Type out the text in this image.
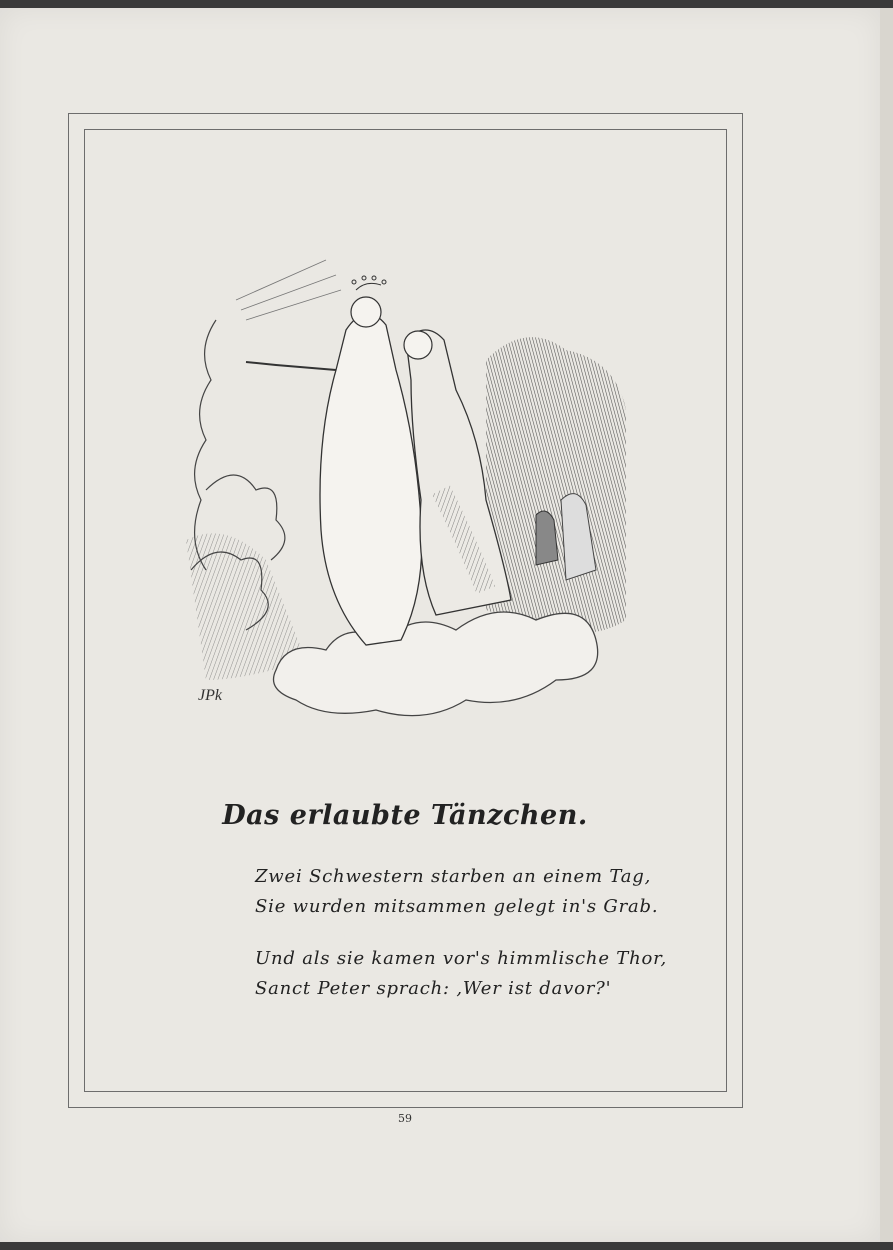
JPk
Das erlaubte Tänzchen.
Zwei Schwestern starben an einem Tag,
Sie wurden mitsammen gelegt in's Grab.
Und als sie kamen vor's himmlische Thor,
Sanct Peter sprach: ,Wer ist davor?'
59
